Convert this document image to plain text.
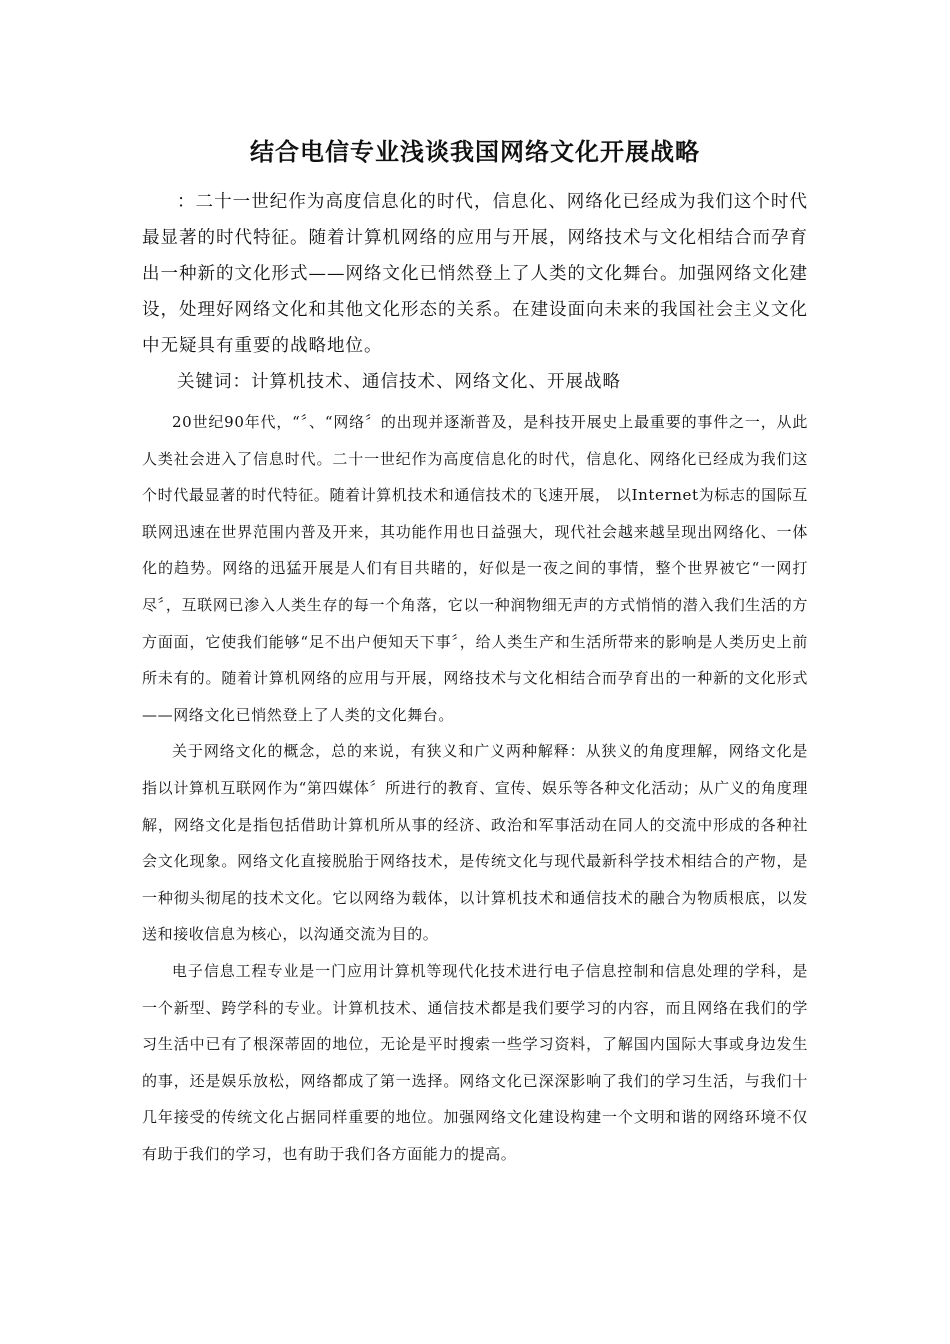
结合电信专业浅谈我国网络文化开展战略

：二十一世纪作为高度信息化的时代，信息化、网络化已经成为我们这个时代最显著的时代特征。随着计算机网络的应用与开展，网络技术与文化相结合而孕育出一种新的文化形式——网络文化已悄然登上了人类的文化舞台。加强网络文化建设，处理好网络文化和其他文化形态的关系。在建设面向未来的我国社会主义文化中无疑具有重要的战略地位。

关键词：计算机技术、通信技术、网络文化、开展战略

20世纪90年代，“〞、“网络〞的出现并逐渐普及，是科技开展史上最重要的事件之一，从此人类社会进入了信息时代。二十一世纪作为高度信息化的时代，信息化、网络化已经成为我们这个时代最显著的时代特征。随着计算机技术和通信技术的飞速开展， 以Internet为标志的国际互联网迅速在世界范围内普及开来，其功能作用也日益强大，现代社会越来越呈现出网络化、一体化的趋势。网络的迅猛开展是人们有目共睹的，好似是一夜之间的事情，整个世界被它“一网打尽〞，互联网已渗入人类生存的每一个角落，它以一种润物细无声的方式悄悄的潜入我们生活的方方面面，它使我们能够“足不出户便知天下事〞，给人类生产和生活所带来的影响是人类历史上前所未有的。随着计算机网络的应用与开展，网络技术与文化相结合而孕育出的一种新的文化形式——网络文化已悄然登上了人类的文化舞台。

关于网络文化的概念，总的来说，有狭义和广义两种解释：从狭义的角度理解，网络文化是指以计算机互联网作为“第四媒体〞所进行的教育、宣传、娱乐等各种文化活动；从广义的角度理解，网络文化是指包括借助计算机所从事的经济、政治和军事活动在同人的交流中形成的各种社会文化现象。网络文化直接脱胎于网络技术，是传统文化与现代最新科学技术相结合的产物，是一种彻头彻尾的技术文化。它以网络为载体，以计算机技术和通信技术的融合为物质根底，以发送和接收信息为核心，以沟通交流为目的。

电子信息工程专业是一门应用计算机等现代化技术进行电子信息控制和信息处理的学科，是一个新型、跨学科的专业。计算机技术、通信技术都是我们要学习的内容，而且网络在我们的学习生活中已有了根深蒂固的地位，无论是平时搜索一些学习资料，了解国内国际大事或身边发生的事，还是娱乐放松，网络都成了第一选择。网络文化已深深影响了我们的学习生活，与我们十几年接受的传统文化占据同样重要的地位。加强网络文化建设构建一个文明和谐的网络环境不仅有助于我们的学习，也有助于我们各方面能力的提高。
